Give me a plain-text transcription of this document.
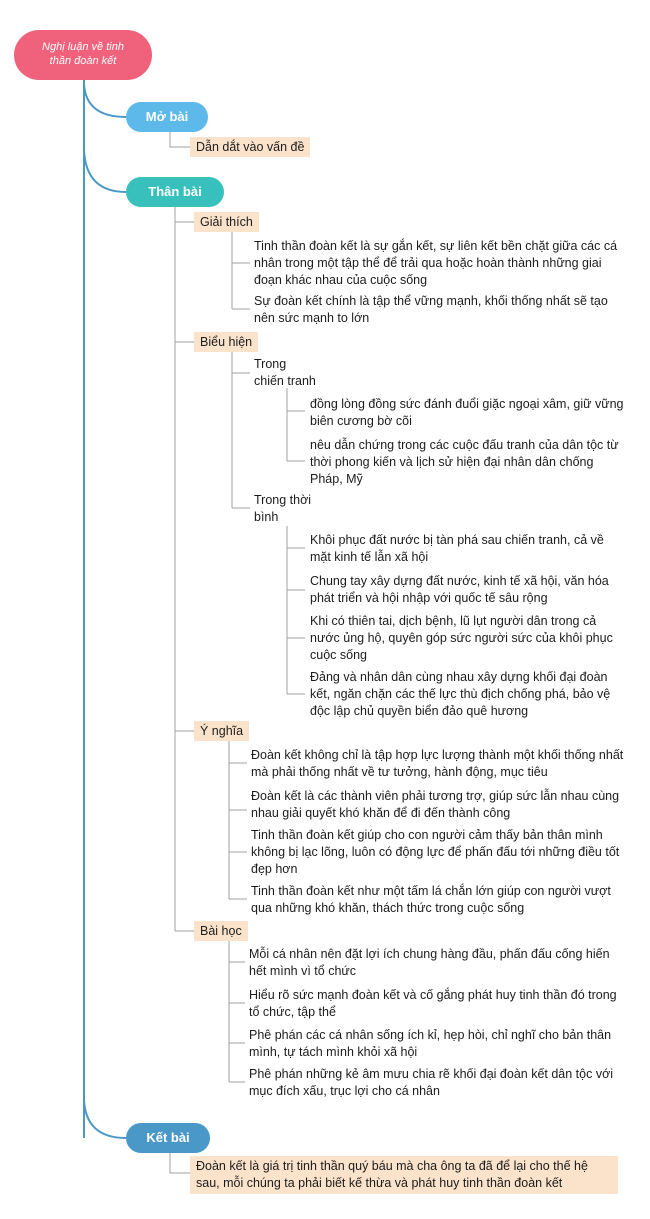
Nghị luận về tinh
thần đoàn kết
Mở bài
Dẫn dắt vào vấn đề
Thân bài
Giải thích
Tinh thần đoàn kết là sự gắn kết, sự liên kết bền chặt giữa các cá nhân trong một tập thể để trải qua hoặc hoàn thành những giai đoạn khác nhau của cuộc sống
Sự đoàn kết chính là tập thể vững mạnh, khối thống nhất sẽ tạo nên sức mạnh to lớn
Biểu hiện
Trong
chiến tranh
đồng lòng đồng sức đánh đuổi giặc ngoại xâm, giữ vững biên cương bờ cõi
nêu dẫn chứng trong các cuộc đấu tranh của dân tộc từ thời phong kiến và lịch sử hiện đại nhân dân chống Pháp, Mỹ
Trong thời
bình
Khôi phục đất nước bị tàn phá sau chiến tranh, cả về mặt kinh tế lẫn xã hội
Chung tay xây dựng đất nước, kinh tế xã hội, văn hóa phát triển và hội nhập với quốc tế sâu rộng
Khi có thiên tai, dịch bệnh, lũ lụt người dân trong cả nước ủng hộ, quyên góp sức người sức của khôi phục cuộc sống
Đảng và nhân dân cùng nhau xây dựng khối đại đoàn kết, ngăn chặn các thế lực thù địch chống phá, bảo vệ độc lập chủ quyền biển đảo quê hương
Ý nghĩa
Đoàn kết không chỉ là tập hợp lực lượng thành một khối thống nhất mà phải thống nhất về tư tưởng, hành động, mục tiêu
Đoàn kết là các thành viên phải tương trợ, giúp sức lẫn nhau cùng nhau giải quyết khó khăn để đi đến thành công
Tinh thần đoàn kết giúp cho con người cảm thấy bản thân mình không bị lạc lõng, luôn có động lực để phấn đấu tới những điều tốt đẹp hơn
Tinh thần đoàn kết như một tấm lá chắn lớn giúp con người vượt qua những khó khăn, thách thức trong cuộc sống
Bài học
Mỗi cá nhân nên đặt lợi ích chung hàng đầu, phấn đấu cống hiến hết mình vì tổ chức
Hiểu rõ sức mạnh đoàn kết và cố gắng phát huy tinh thần đó trong tổ chức, tập thể
Phê phán các cá nhân sống ích kỉ, hẹp hòi, chỉ nghĩ cho bản thân mình, tự tách mình khỏi xã hội
Phê phán những kẻ âm mưu chia rẽ khối đại đoàn kết dân tộc với mục đích xấu, trục lợi cho cá nhân
Kết bài
Đoàn kết là giá trị tinh thần quý báu mà cha ông ta đã để lại cho thế hệ sau, mỗi chúng ta phải biết kế thừa và phát huy tinh thần đoàn kết
